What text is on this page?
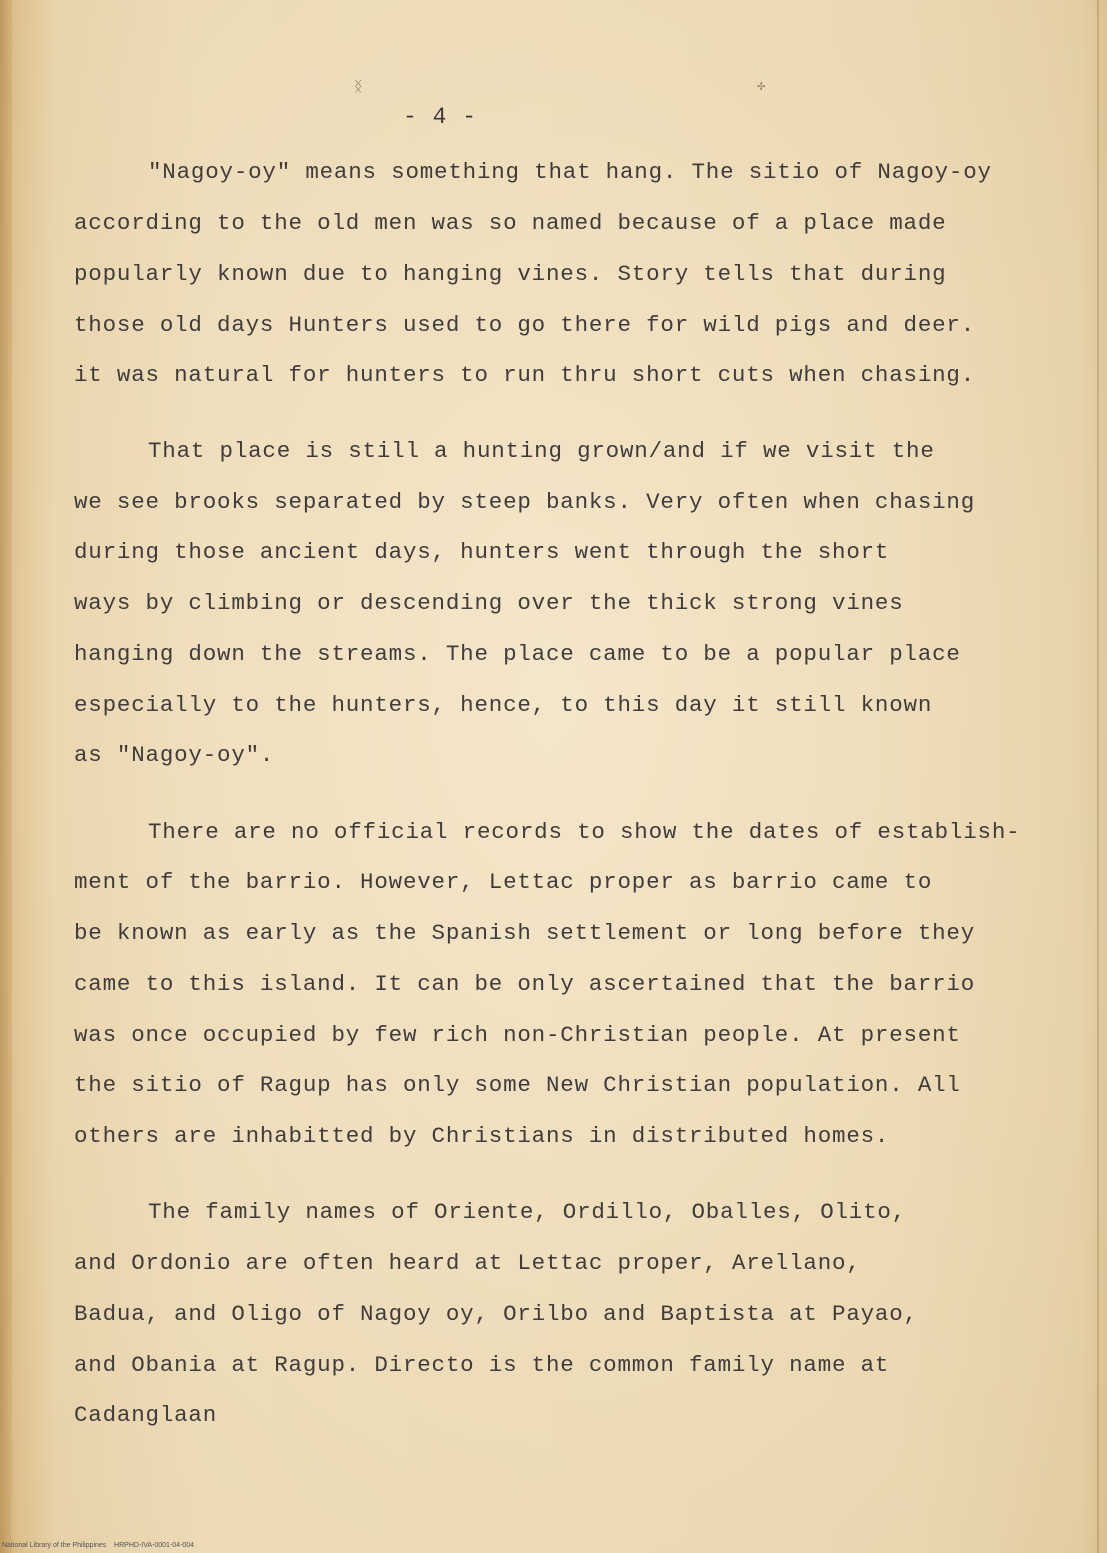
ᛝ	✢
- 4 -
"Nagoy-oy" means something that hang. The sitio of Nagoy-oy
according to the old men was so named because of a place made
popularly known due to hanging vines. Story tells that during
those old days Hunters used to go there for wild pigs and deer.
it was natural for hunters to run thru short cuts when chasing.
That place is still a hunting grown/and if we visit the
we see brooks separated by steep banks. Very often when chasing
during those ancient days, hunters went through the short
ways by climbing or descending over the thick strong vines
hanging down the streams. The place came to be a popular place
especially to the hunters, hence, to this day it still known
as "Nagoy-oy".
There are no official records to show the dates of establish-
ment of the barrio. However, Lettac proper as barrio came to
be known as early as the Spanish settlement or long before they
came to this island. It can be only ascertained that the barrio
was once occupied by few rich non-Christian people. At present
the sitio of Ragup has only some New Christian population. All
others are inhabitted by Christians in distributed homes.
The family names of Oriente, Ordillo, Oballes, Olito,
and Ordonio are often heard at Lettac proper, Arellano,
Badua, and Oligo of Nagoy oy, Orilbo and Baptista at Payao,
and Obania at Ragup. Directo is the common family name at
Cadanglaan
National Library of the Philippines    HRPHD-IVA-0001-04-004
